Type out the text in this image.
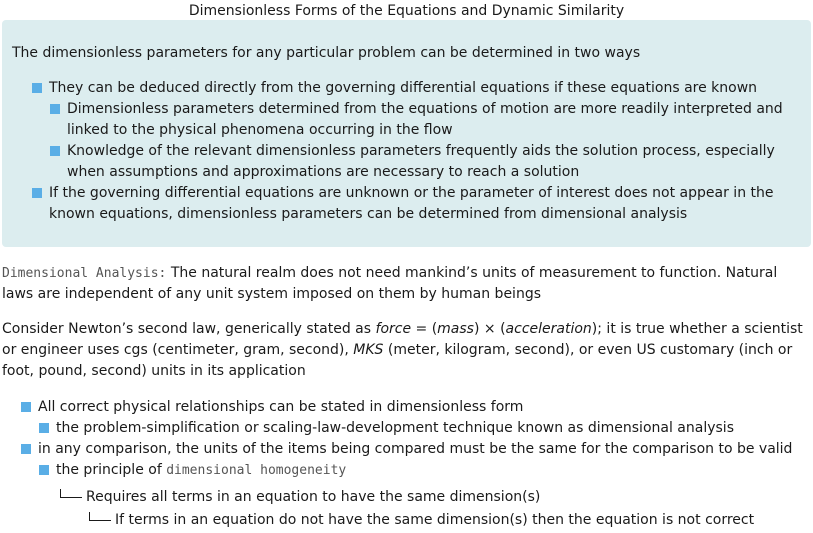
Dimensionless Forms of the Equations and Dynamic Similarity
The dimensionless parameters for any particular problem can be determined in two ways
They can be deduced directly from the governing differential equations if these equations are known
Dimensionless parameters determined from the equations of motion are more readily interpreted and linked to the physical phenomena occurring in the flow
Knowledge of the relevant dimensionless parameters frequently aids the solution process, especially when assumptions and approximations are necessary to reach a solution
If the governing differential equations are unknown or the parameter of interest does not appear in the known equations, dimensionless parameters can be determined from dimensional analysis
Dimensional Analysis: The natural realm does not need mankind’s units of measurement to function. Natural laws are independent of any unit system imposed on them by human beings
Consider Newton’s second law, generically stated as force = (mass) × (acceleration); it is true whether a scientist or engineer uses cgs (centimeter, gram, second), MKS (meter, kilogram, second), or even US customary (inch or foot, pound, second) units in its application
All correct physical relationships can be stated in dimensionless form
the problem-simplification or scaling-law-development technique known as dimensional analysis
in any comparison, the units of the items being compared must be the same for the comparison to be valid
the principle of dimensional homogeneity
Requires all terms in an equation to have the same dimension(s)
If terms in an equation do not have the same dimension(s) then the equation is not correct
